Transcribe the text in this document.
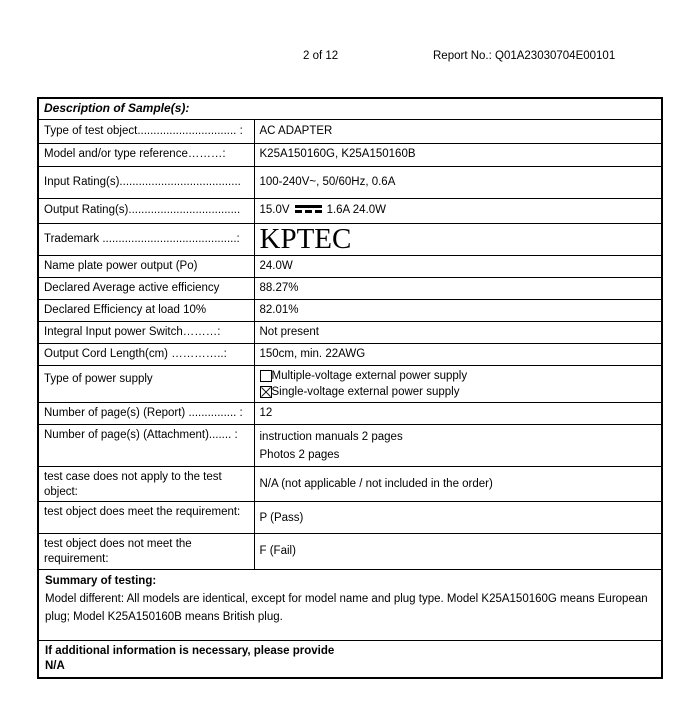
2 of 12	Report No.: Q01A23030704E00101
Description of Sample(s):	
Type of test object............................... :	AC ADAPTER
Model and/or type reference………:	K25A150160G, K25A150160B
Input Rating(s)......................................	100-240V~, 50/60Hz, 0.6A
Output Rating(s)...................................	15.0V 1.6A 24.0W
Trademark ..........................................:	KPTEC
Name plate power output (Po)	24.0W
Declared Average active efficiency	88.27%
Declared Efficiency at load 10%	82.01%
Integral Input power Switch………:	Not present
Output Cord Length(cm) …………..:	150cm, min. 22AWG
Type of power supply	Multiple-voltage external power supply
Single-voltage external power supply

Number of page(s) (Report) ............... :	12
Number of page(s) (Attachment)....... :	instruction manuals 2 pages
Photos 2 pages

test case does not apply to the test object:	N/A (not applicable / not included in the order)
test object does meet the requirement:	P (Pass)
test object does not meet the requirement:	F (Fail)

Summary of testing:
Model different: All models are identical, except for model name and plug type. Model K25A150160G means European plug; Model K25A150160B means British plug.	

If additional information is necessary, please provide
N/A	
